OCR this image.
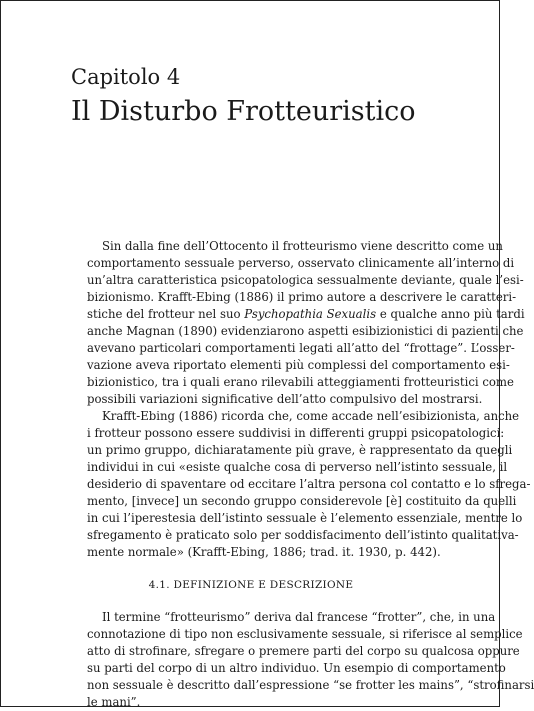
Capitolo 4
Il Disturbo Frotteuristico
Sin dalla fine dell’Ottocento il frotteurismo viene descritto come un
comportamento sessuale perverso, osservato clinicamente all’interno di
un’altra caratteristica psicopatologica sessualmente deviante, quale l’esi-
bizionismo. Krafft-Ebing (1886) il primo autore a descrivere le caratteri-
stiche del frotteur nel suo Psychopathia Sexualis e qualche anno più tardi
anche Magnan (1890) evidenziarono aspetti esibizionistici di pazienti che
avevano particolari comportamenti legati all’atto del “frottage”. L’osser-
vazione aveva riportato elementi più complessi del comportamento esi-
bizionistico, tra i quali erano rilevabili atteggiamenti frotteuristici come
possibili variazioni significative dell’atto compulsivo del mostrarsi.
Krafft-Ebing (1886) ricorda che, come accade nell’esibizionista, anche
i frotteur possono essere suddivisi in differenti gruppi psicopatologici:
un primo gruppo, dichiaratamente più grave, è rappresentato da quegli
individui in cui «esiste qualche cosa di perverso nell’istinto sessuale, il
desiderio di spaventare od eccitare l’altra persona col contatto e lo sfrega-
mento, [invece] un secondo gruppo considerevole [è] costituito da quelli
in cui l’iperestesia dell’istinto sessuale è l’elemento essenziale, mentre lo
sfregamento è praticato solo per soddisfacimento dell’istinto qualitativa-
mente normale» (Krafft-Ebing, 1886; trad. it. 1930, p. 442).
4.1. DEFINIZIONE E DESCRIZIONE
Il termine “frotteurismo” deriva dal francese “frotter”, che, in una
connotazione di tipo non esclusivamente sessuale, si riferisce al semplice
atto di strofinare, sfregare o premere parti del corpo su qualcosa oppure
su parti del corpo di un altro individuo. Un esempio di comportamento
non sessuale è descritto dall’espressione “se frotter les mains”, “strofinarsi
le mani”.
